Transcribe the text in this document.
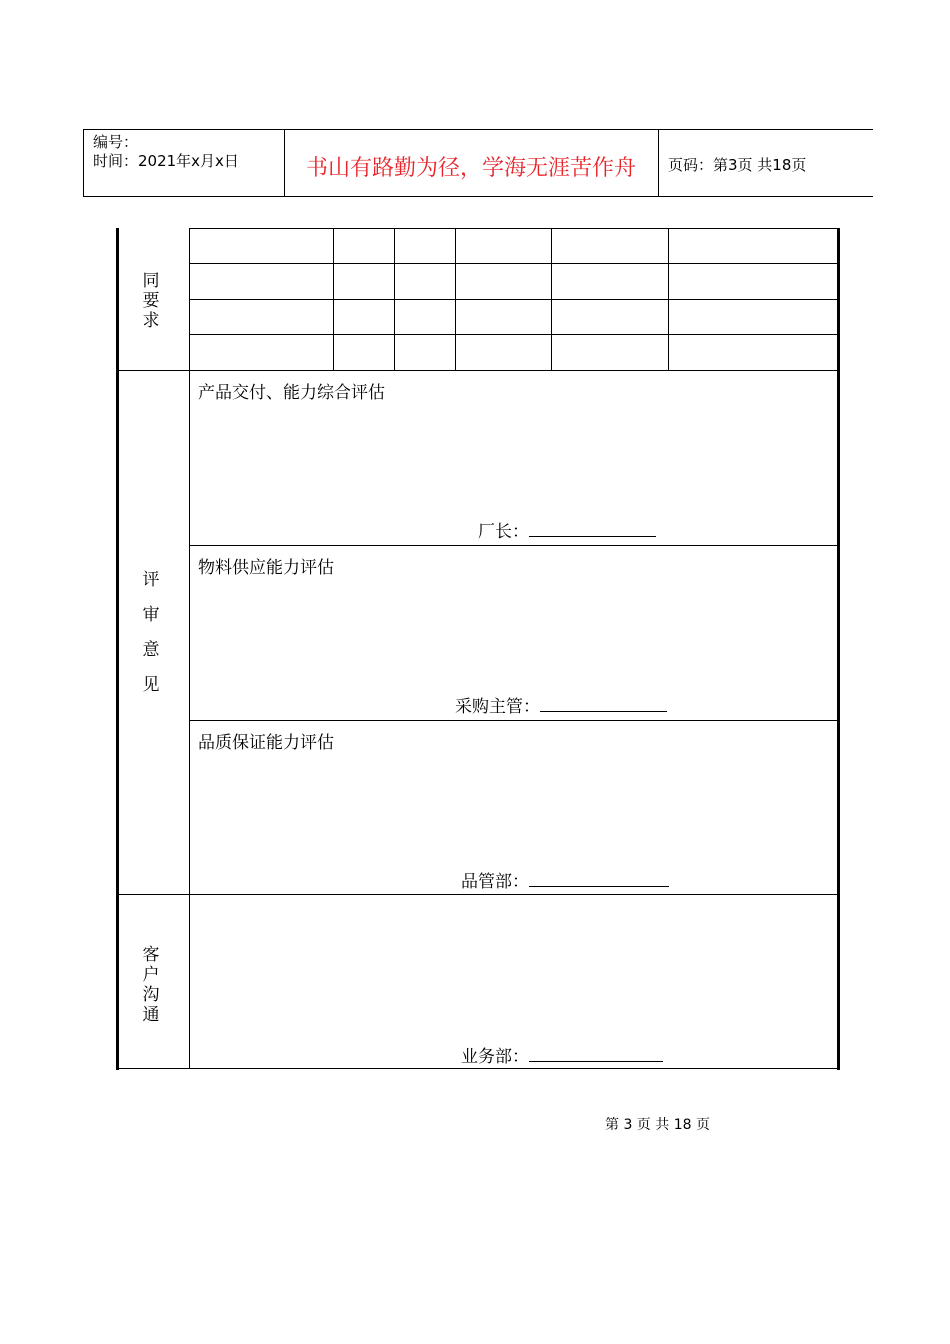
编号：
时间：2021年x月x日	书山有路勤为径，学海无涯苦作舟	页码：第3页 共18页
同要求
评审意见
客户沟通
产品交付、能力综合评估
厂长：
物料供应能力评估
采购主管：
品质保证能力评估
品管部：
业务部：
第 3 页 共 18 页
